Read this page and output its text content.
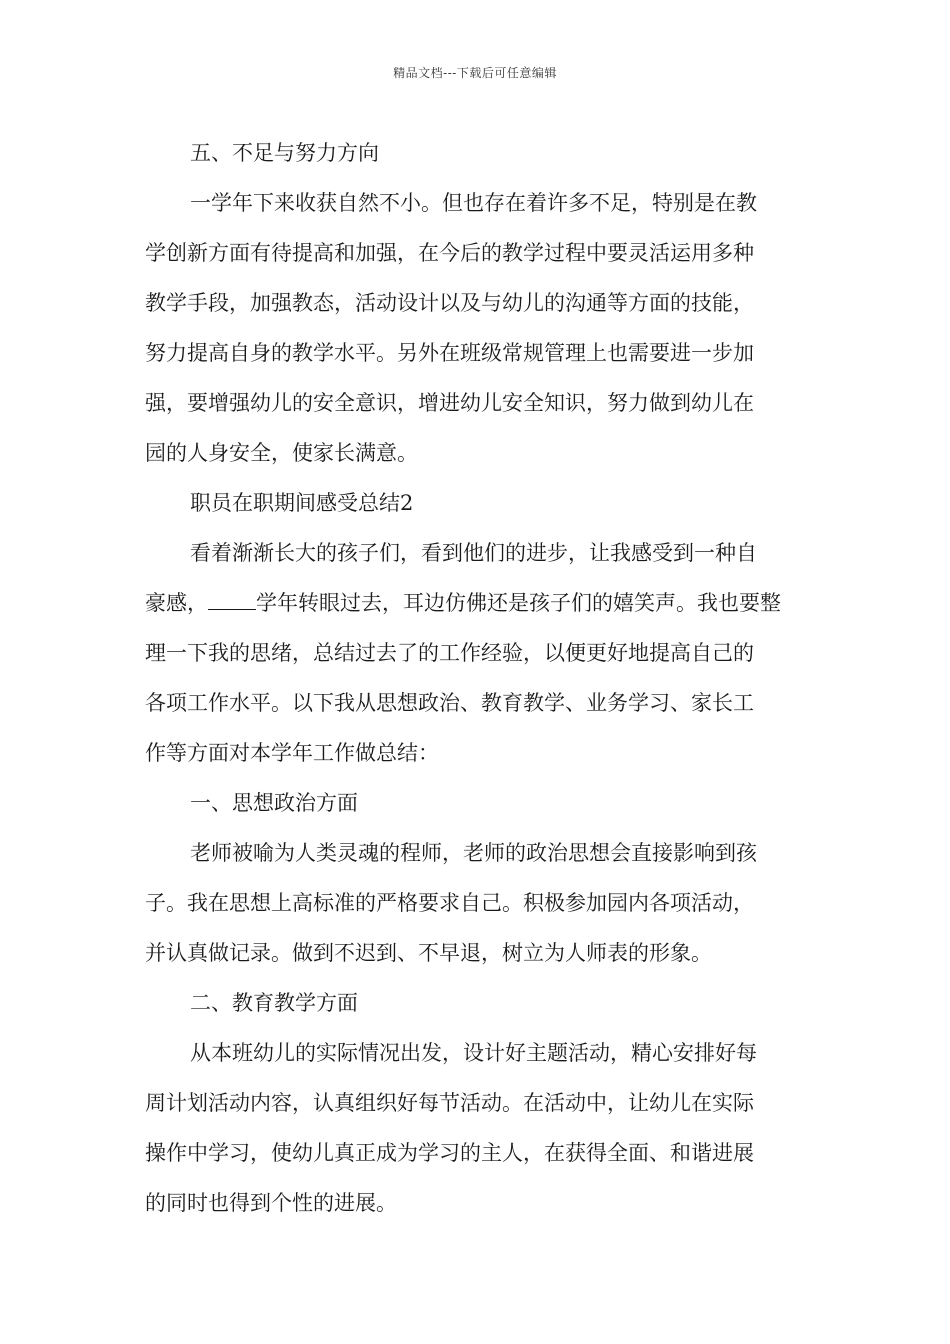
精品文档---下载后可任意编辑
五、不足与努力方向
一学年下来收获自然不小。但也存在着许多不足，特别是在教
学创新方面有待提高和加强，在今后的教学过程中要灵活运用多种
教学手段，加强教态，活动设计以及与幼儿的沟通等方面的技能，
努力提高自身的教学水平。另外在班级常规管理上也需要进一步加
强，要增强幼儿的安全意识，增进幼儿安全知识，努力做到幼儿在
园的人身安全，使家长满意。
职员在职期间感受总结2
看着渐渐长大的孩子们，看到他们的进步，让我感受到一种自
豪感， 学年转眼过去，耳边仿佛还是孩子们的嬉笑声。我也要整
理一下我的思绪，总结过去了的工作经验，以便更好地提高自己的
各项工作水平。以下我从思想政治、教育教学、业务学习、家长工
作等方面对本学年工作做总结：
一、思想政治方面
老师被喻为人类灵魂的程师，老师的政治思想会直接影响到孩
子。我在思想上高标准的严格要求自己。积极参加园内各项活动，
并认真做记录。做到不迟到、不早退，树立为人师表的形象。
二、教育教学方面
从本班幼儿的实际情况出发，设计好主题活动，精心安排好每
周计划活动内容，认真组织好每节活动。在活动中，让幼儿在实际
操作中学习，使幼儿真正成为学习的主人，在获得全面、和谐进展
的同时也得到个性的进展。
